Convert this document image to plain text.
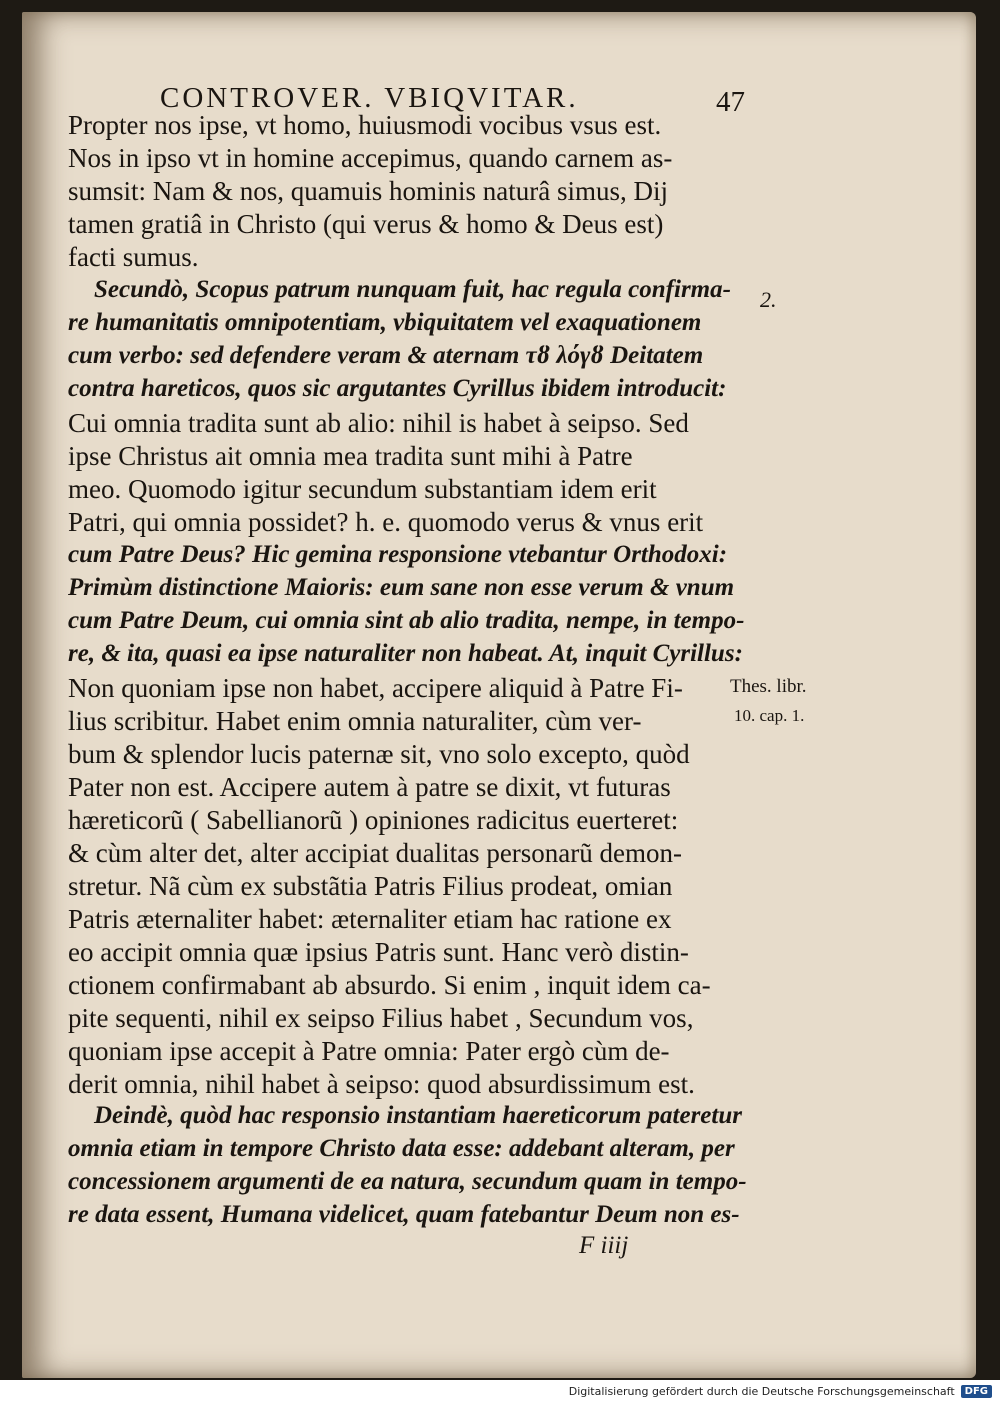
CONTROVER. VBIQVITAR.	47
Propter nos ipse, vt homo, huiusmodi vocibus vsus est.
Nos in ipso vt in homine accepimus, quando carnem as-
sumsit: Nam & nos, quamuis hominis naturâ simus, Dij
tamen gratiâ in Christo (qui verus & homo & Deus est)
facti sumus.
Secundò, Scopus patrum nunquam fuit, hac regula confirma-
re humanitatis omnipotentiam, vbiquitatem vel exaquationem
cum verbo: sed defendere veram & aternam τȣ λόγȣ Deitatem
contra hareticos, quos sic argutantes Cyrillus ibidem introducit:
Cui omnia tradita sunt ab alio: nihil is habet à seipso. Sed
ipse Christus ait omnia mea tradita sunt mihi à Patre
meo. Quomodo igitur secundum substantiam idem erit
Patri, qui omnia possidet? h. e. quomodo verus & vnus erit
cum Patre Deus? Hic gemina responsione vtebantur Orthodoxi:
Primùm distinctione Maioris: eum sane non esse verum & vnum
cum Patre Deum, cui omnia sint ab alio tradita, nempe, in tempo-
re, & ita, quasi ea ipse naturaliter non habeat. At, inquit Cyrillus:
Non quoniam ipse non habet, accipere aliquid à Patre Fi-
lius scribitur. Habet enim omnia naturaliter, cùm ver-
bum & splendor lucis paternæ sit, vno solo excepto, quòd
Pater non est. Accipere autem à patre se dixit, vt futuras
hæreticorũ ( Sabellianorũ ) opiniones radicitus euerteret:
& cùm alter det, alter accipiat dualitas personarũ demon-
stretur. Nã cùm ex substãtia Patris Filius prodeat, omian
Patris æternaliter habet: æternaliter etiam hac ratione ex
eo accipit omnia quæ ipsius Patris sunt. Hanc verò distin-
ctionem confirmabant ab absurdo. Si enim , inquit idem ca-
pite sequenti, nihil ex seipso Filius habet , Secundum vos,
quoniam ipse accepit à Patre omnia: Pater ergò cùm de-
derit omnia, nihil habet à seipso: quod absurdissimum est.
Deindè, quòd hac responsio instantiam haereticorum pateretur
omnia etiam in tempore Christo data esse: addebant alteram, per
concessionem argumenti de ea natura, secundum quam in tempo-
re data essent, Humana videlicet, quam fatebantur Deum non es-
2.
Thes. libr.
10. cap. 1.
F iiij
Digitalisierung gefördert durch die Deutsche Forschungsgemeinschaft	DFG
